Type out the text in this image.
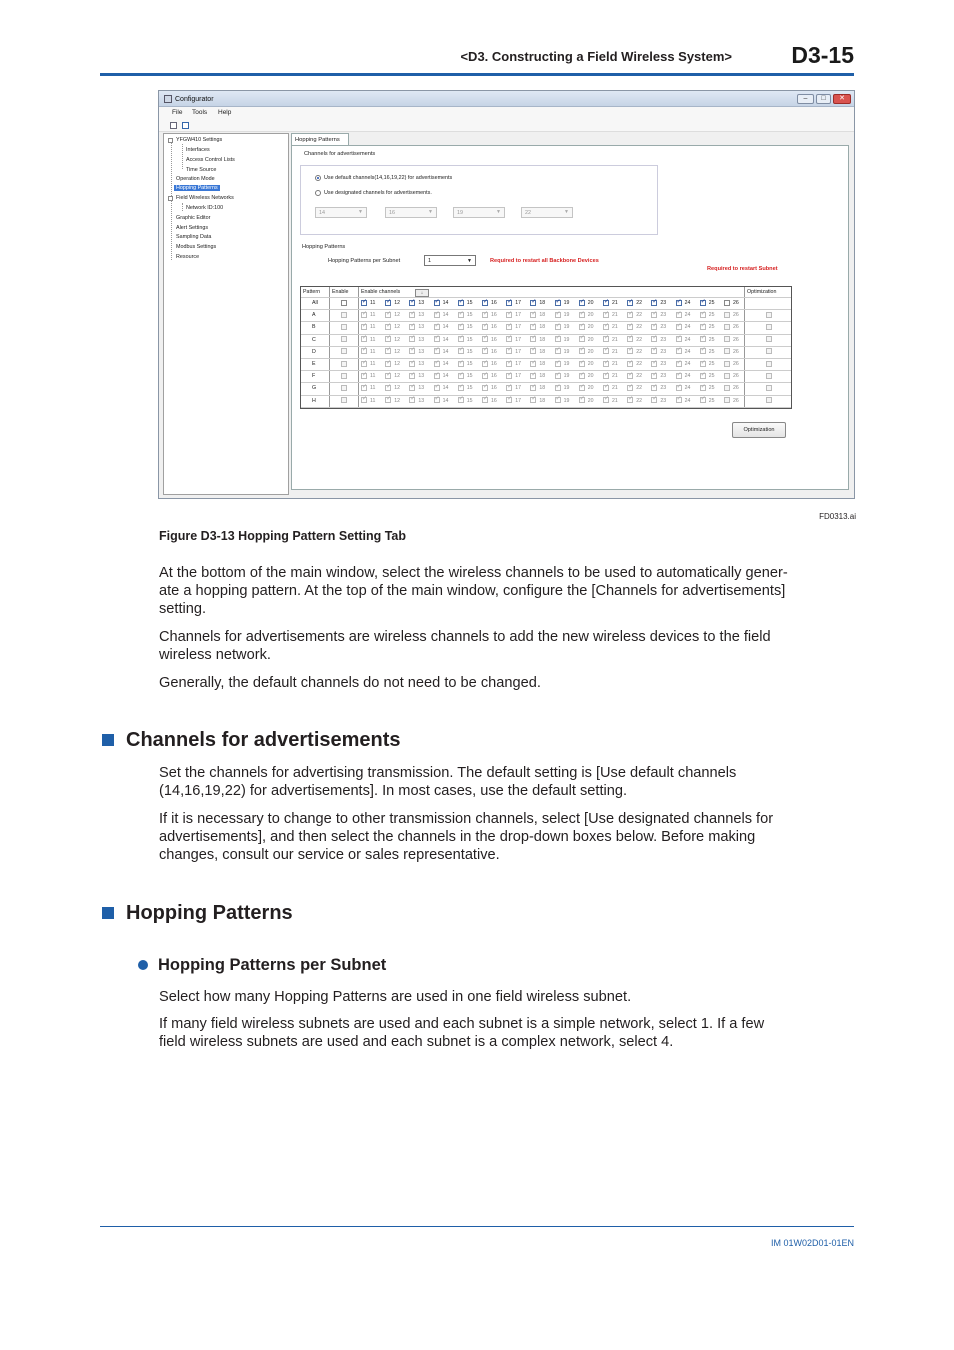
<D3. Constructing a Field Wireless System>	D3-15
Configurator	–	□	✕
File Tools Help
YFGW410 Settings
Interfaces
Access Control Lists
Time Source
Operation Mode
Hopping Patterns
Field Wireless Networks
Network ID:100
Graphic Editor
Alert Settings
Sampling Data
Modbus Settings
Resource
Hopping Patterns
Use default channels(14,16,19,22) for advertisements
Use designated channels for advertisements.
14	▼	16	▼	19	▼	22	▼
Channels for advertisements
Hopping Patterns
Hopping Patterns per Subnet	1	▼	Required to restart all Backbone Devices
Required to restart Subnet
Pattern Enable Enable channels	↓	Optimization
All ✓	11 ✓	12 ✓	13 ✓	14 ✓	15 ✓	16 ✓	17 ✓	18 ✓	19 ✓	20 ✓	21 ✓	22 ✓	23 ✓	24 ✓	25	26
A ✓	11 ✓	12 ✓	13 ✓	14 ✓	15 ✓	16 ✓	17 ✓	18 ✓	19 ✓	20 ✓	21 ✓	22 ✓	23 ✓	24 ✓	25	26
B ✓	11 ✓	12 ✓	13 ✓	14 ✓	15 ✓	16 ✓	17 ✓	18 ✓	19 ✓	20 ✓	21 ✓	22 ✓	23 ✓	24 ✓	25	26
C ✓	11 ✓	12 ✓	13 ✓	14 ✓	15 ✓	16 ✓	17 ✓	18 ✓	19 ✓	20 ✓	21 ✓	22 ✓	23 ✓	24 ✓	25	26
D ✓	11 ✓	12 ✓	13 ✓	14 ✓	15 ✓	16 ✓	17 ✓	18 ✓	19 ✓	20 ✓	21 ✓	22 ✓	23 ✓	24 ✓	25	26
E ✓	11 ✓	12 ✓	13 ✓	14 ✓	15 ✓	16 ✓	17 ✓	18 ✓	19 ✓	20 ✓	21 ✓	22 ✓	23 ✓	24 ✓	25	26
F ✓	11 ✓	12 ✓	13 ✓	14 ✓	15 ✓	16 ✓	17 ✓	18 ✓	19 ✓	20 ✓	21 ✓	22 ✓	23 ✓	24 ✓	25	26
G ✓	11 ✓	12 ✓	13 ✓	14 ✓	15 ✓	16 ✓	17 ✓	18 ✓	19 ✓	20 ✓	21 ✓	22 ✓	23 ✓	24 ✓	25	26
H ✓	11 ✓	12 ✓	13 ✓	14 ✓	15 ✓	16 ✓	17 ✓	18 ✓	19 ✓	20 ✓	21 ✓	22 ✓	23 ✓	24 ✓	25	26
Optimization
FD0313.ai
Figure D3-13 Hopping Pattern Setting Tab
At the bottom of the main window, select the wireless channels to be used to automatically gener-
ate a hopping pattern. At the top of the main window, configure the [Channels for advertisements]
setting.
Channels for advertisements are wireless channels to add the new wireless devices to the field
wireless network.
Generally, the default channels do not need to be changed.
Channels for advertisements
Set the channels for advertising transmission. The default setting is [Use default channels
(14,16,19,22) for advertisements]. In most cases, use the default setting.
If it is necessary to change to other transmission channels, select [Use designated channels for
advertisements], and then select the channels in the drop-down boxes below. Before making
changes, consult our service or sales representative.
Hopping Patterns
Hopping Patterns per Subnet
Select how many Hopping Patterns are used in one field wireless subnet.
If many field wireless subnets are used and each subnet is a simple network, select 1. If a few
field wireless subnets are used and each subnet is a complex network, select 4.
IM 01W02D01-01EN
